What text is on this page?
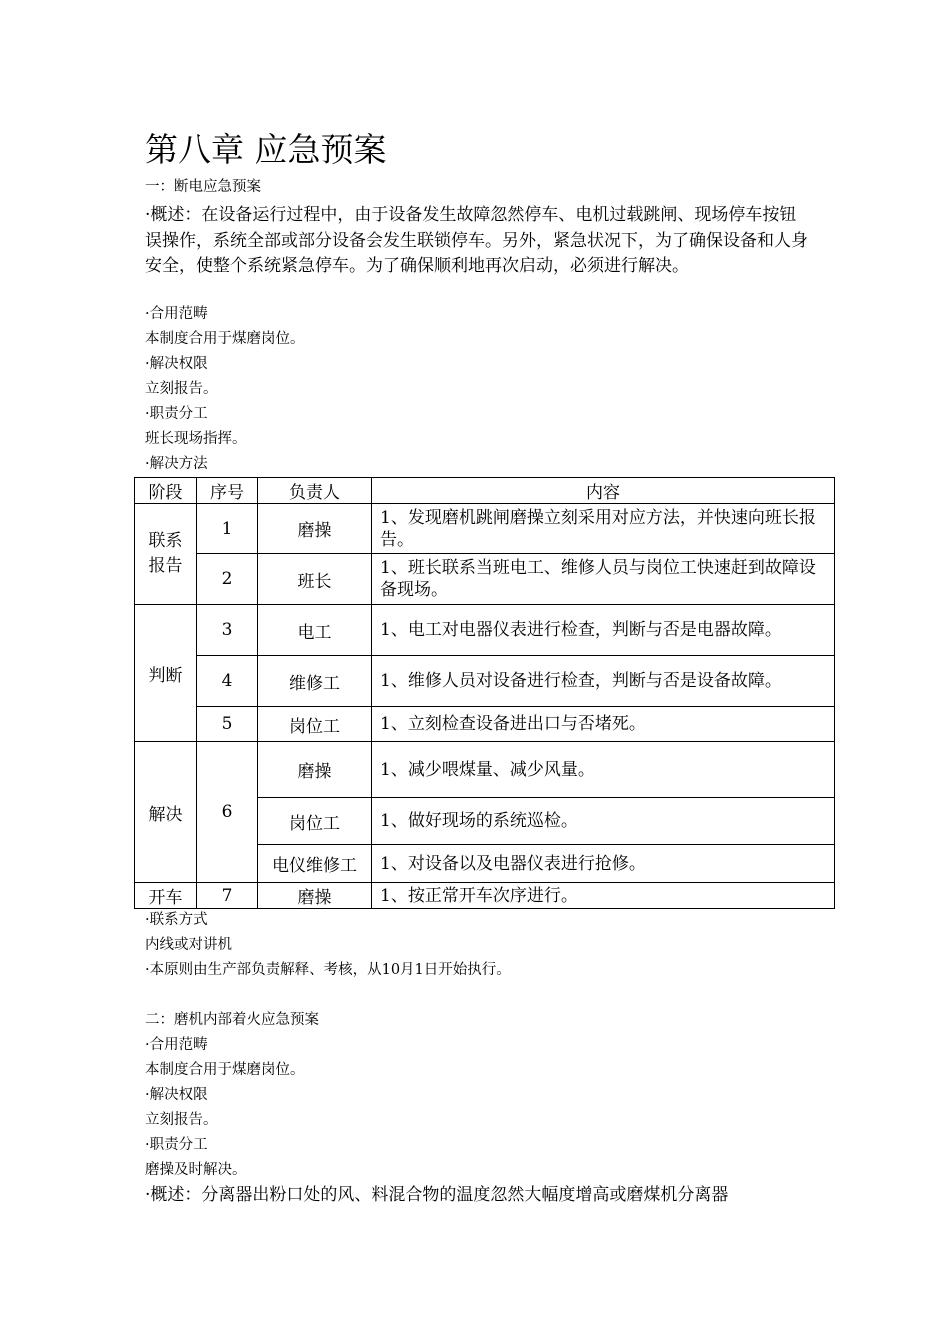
第八章 应急预案
一：断电应急预案
·概述：在设备运行过程中，由于设备发生故障忽然停车、电机过载跳闸、现场停车按钮误操作，系统全部或部分设备会发生联锁停车。另外，紧急状况下，为了确保设备和人身安全，使整个系统紧急停车。为了确保顺利地再次启动，必须进行解决。
·合用范畴
本制度合用于煤磨岗位。
·解决权限
立刻报告。
·职责分工
班长现场指挥。
·解决方法
阶段	序号	负责人	内容
联系报告	1	磨操	1、发现磨机跳闸磨操立刻采用对应方法，并快速向班长报告。
	2	班长	1、班长联系当班电工、维修人员与岗位工快速赶到故障设备现场。
判断	3	电工	1、电工对电器仪表进行检查，判断与否是电器故障。
	4	维修工	1、维修人员对设备进行检查，判断与否是设备故障。
	5	岗位工	1、立刻检查设备进出口与否堵死。
解决	6	磨操	1、减少喂煤量、减少风量。
		岗位工	1、做好现场的系统巡检。
		电仪维修工	1、对设备以及电器仪表进行抢修。
开车	7	磨操	1、按正常开车次序进行。
·联系方式
内线或对讲机
·本原则由生产部负责解释、考核，从10月1日开始执行。
二：磨机内部着火应急预案
·合用范畴
本制度合用于煤磨岗位。
·解决权限
立刻报告。
·职责分工
磨操及时解决。
·概述：分离器出粉口处的风、料混合物的温度忽然大幅度增高或磨煤机分离器
